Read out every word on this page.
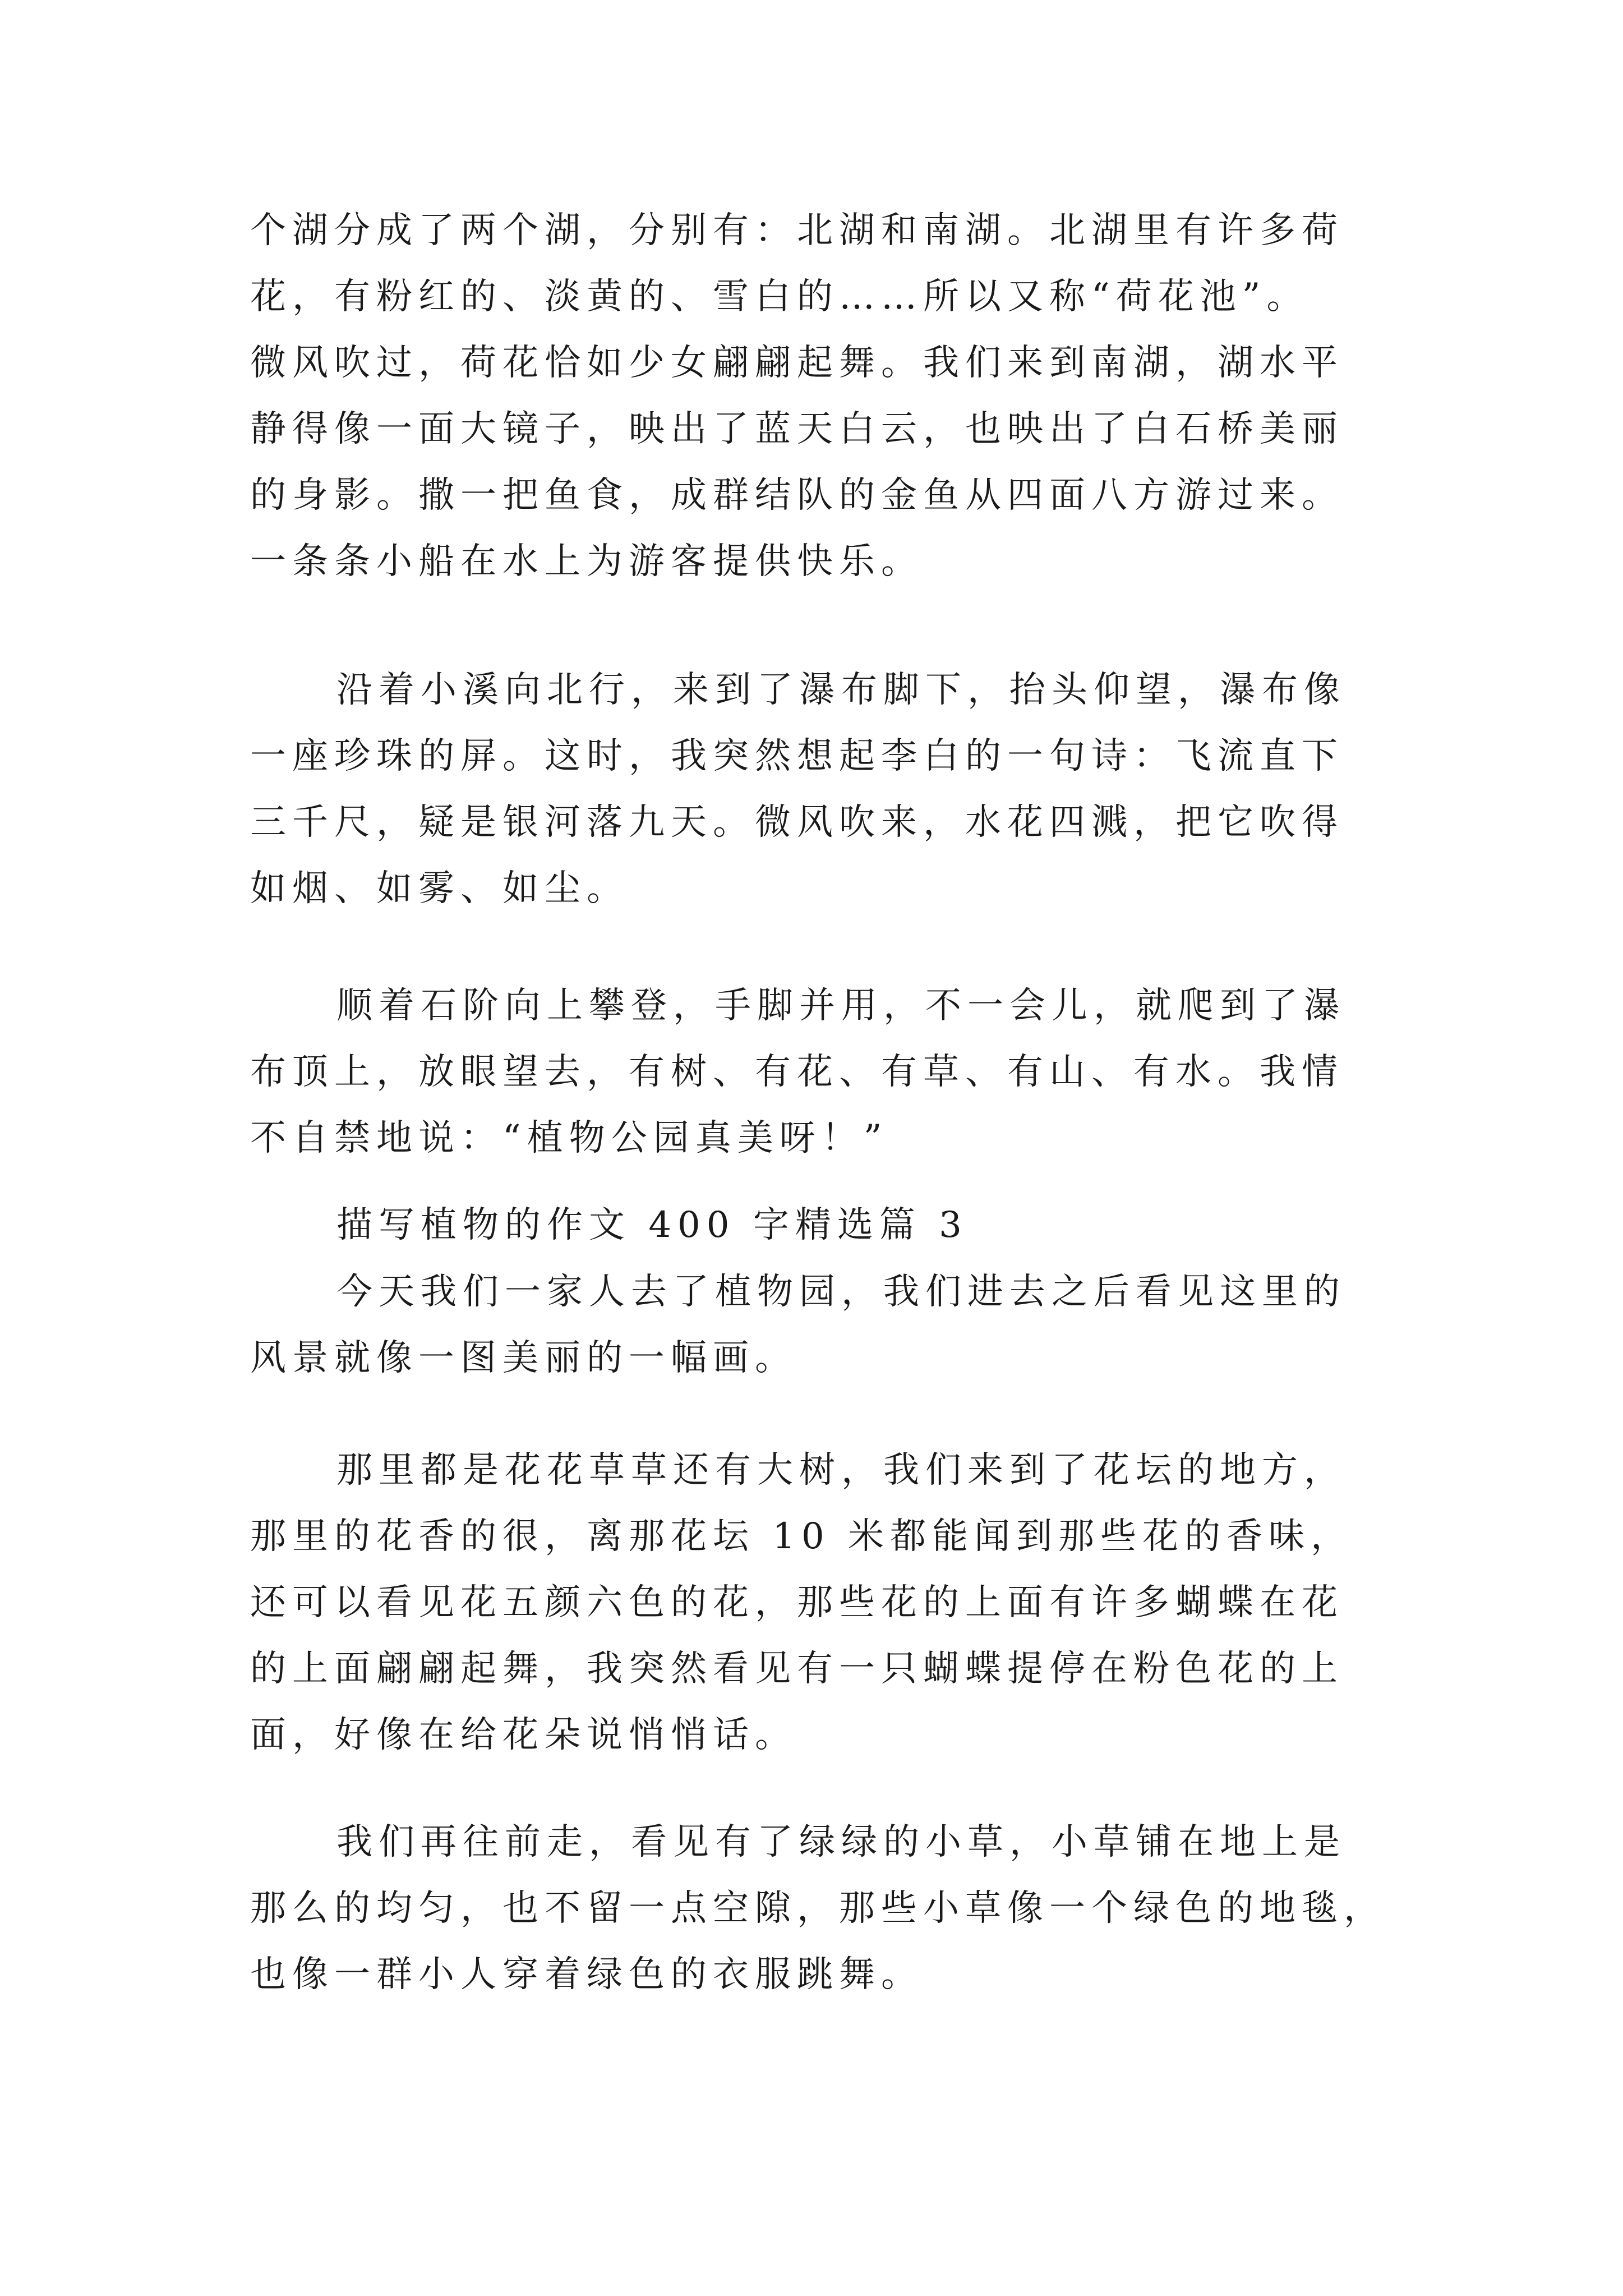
个湖分成了两个湖，分别有：北湖和南湖。北湖里有许多荷
花，有粉红的、淡黄的、雪白的……所以又称“荷花池”。
微风吹过，荷花恰如少女翩翩起舞。我们来到南湖，湖水平
静得像一面大镜子，映出了蓝天白云，也映出了白石桥美丽
的身影。撒一把鱼食，成群结队的金鱼从四面八方游过来。
一条条小船在水上为游客提供快乐。
沿着小溪向北行，来到了瀑布脚下，抬头仰望，瀑布像
一座珍珠的屏。这时，我突然想起李白的一句诗：飞流直下
三千尺，疑是银河落九天。微风吹来，水花四溅，把它吹得
如烟、如雾、如尘。
顺着石阶向上攀登，手脚并用，不一会儿，就爬到了瀑
布顶上，放眼望去，有树、有花、有草、有山、有水。我情
不自禁地说：“植物公园真美呀！”
描写植物的作文 400 字精选篇 3
今天我们一家人去了植物园，我们进去之后看见这里的
风景就像一图美丽的一幅画。
那里都是花花草草还有大树，我们来到了花坛的地方，
那里的花香的很，离那花坛 10 米都能闻到那些花的香味，
还可以看见花五颜六色的花，那些花的上面有许多蝴蝶在花
的上面翩翩起舞，我突然看见有一只蝴蝶提停在粉色花的上
面，好像在给花朵说悄悄话。
我们再往前走，看见有了绿绿的小草，小草铺在地上是
那么的均匀，也不留一点空隙，那些小草像一个绿色的地毯，
也像一群小人穿着绿色的衣服跳舞。
